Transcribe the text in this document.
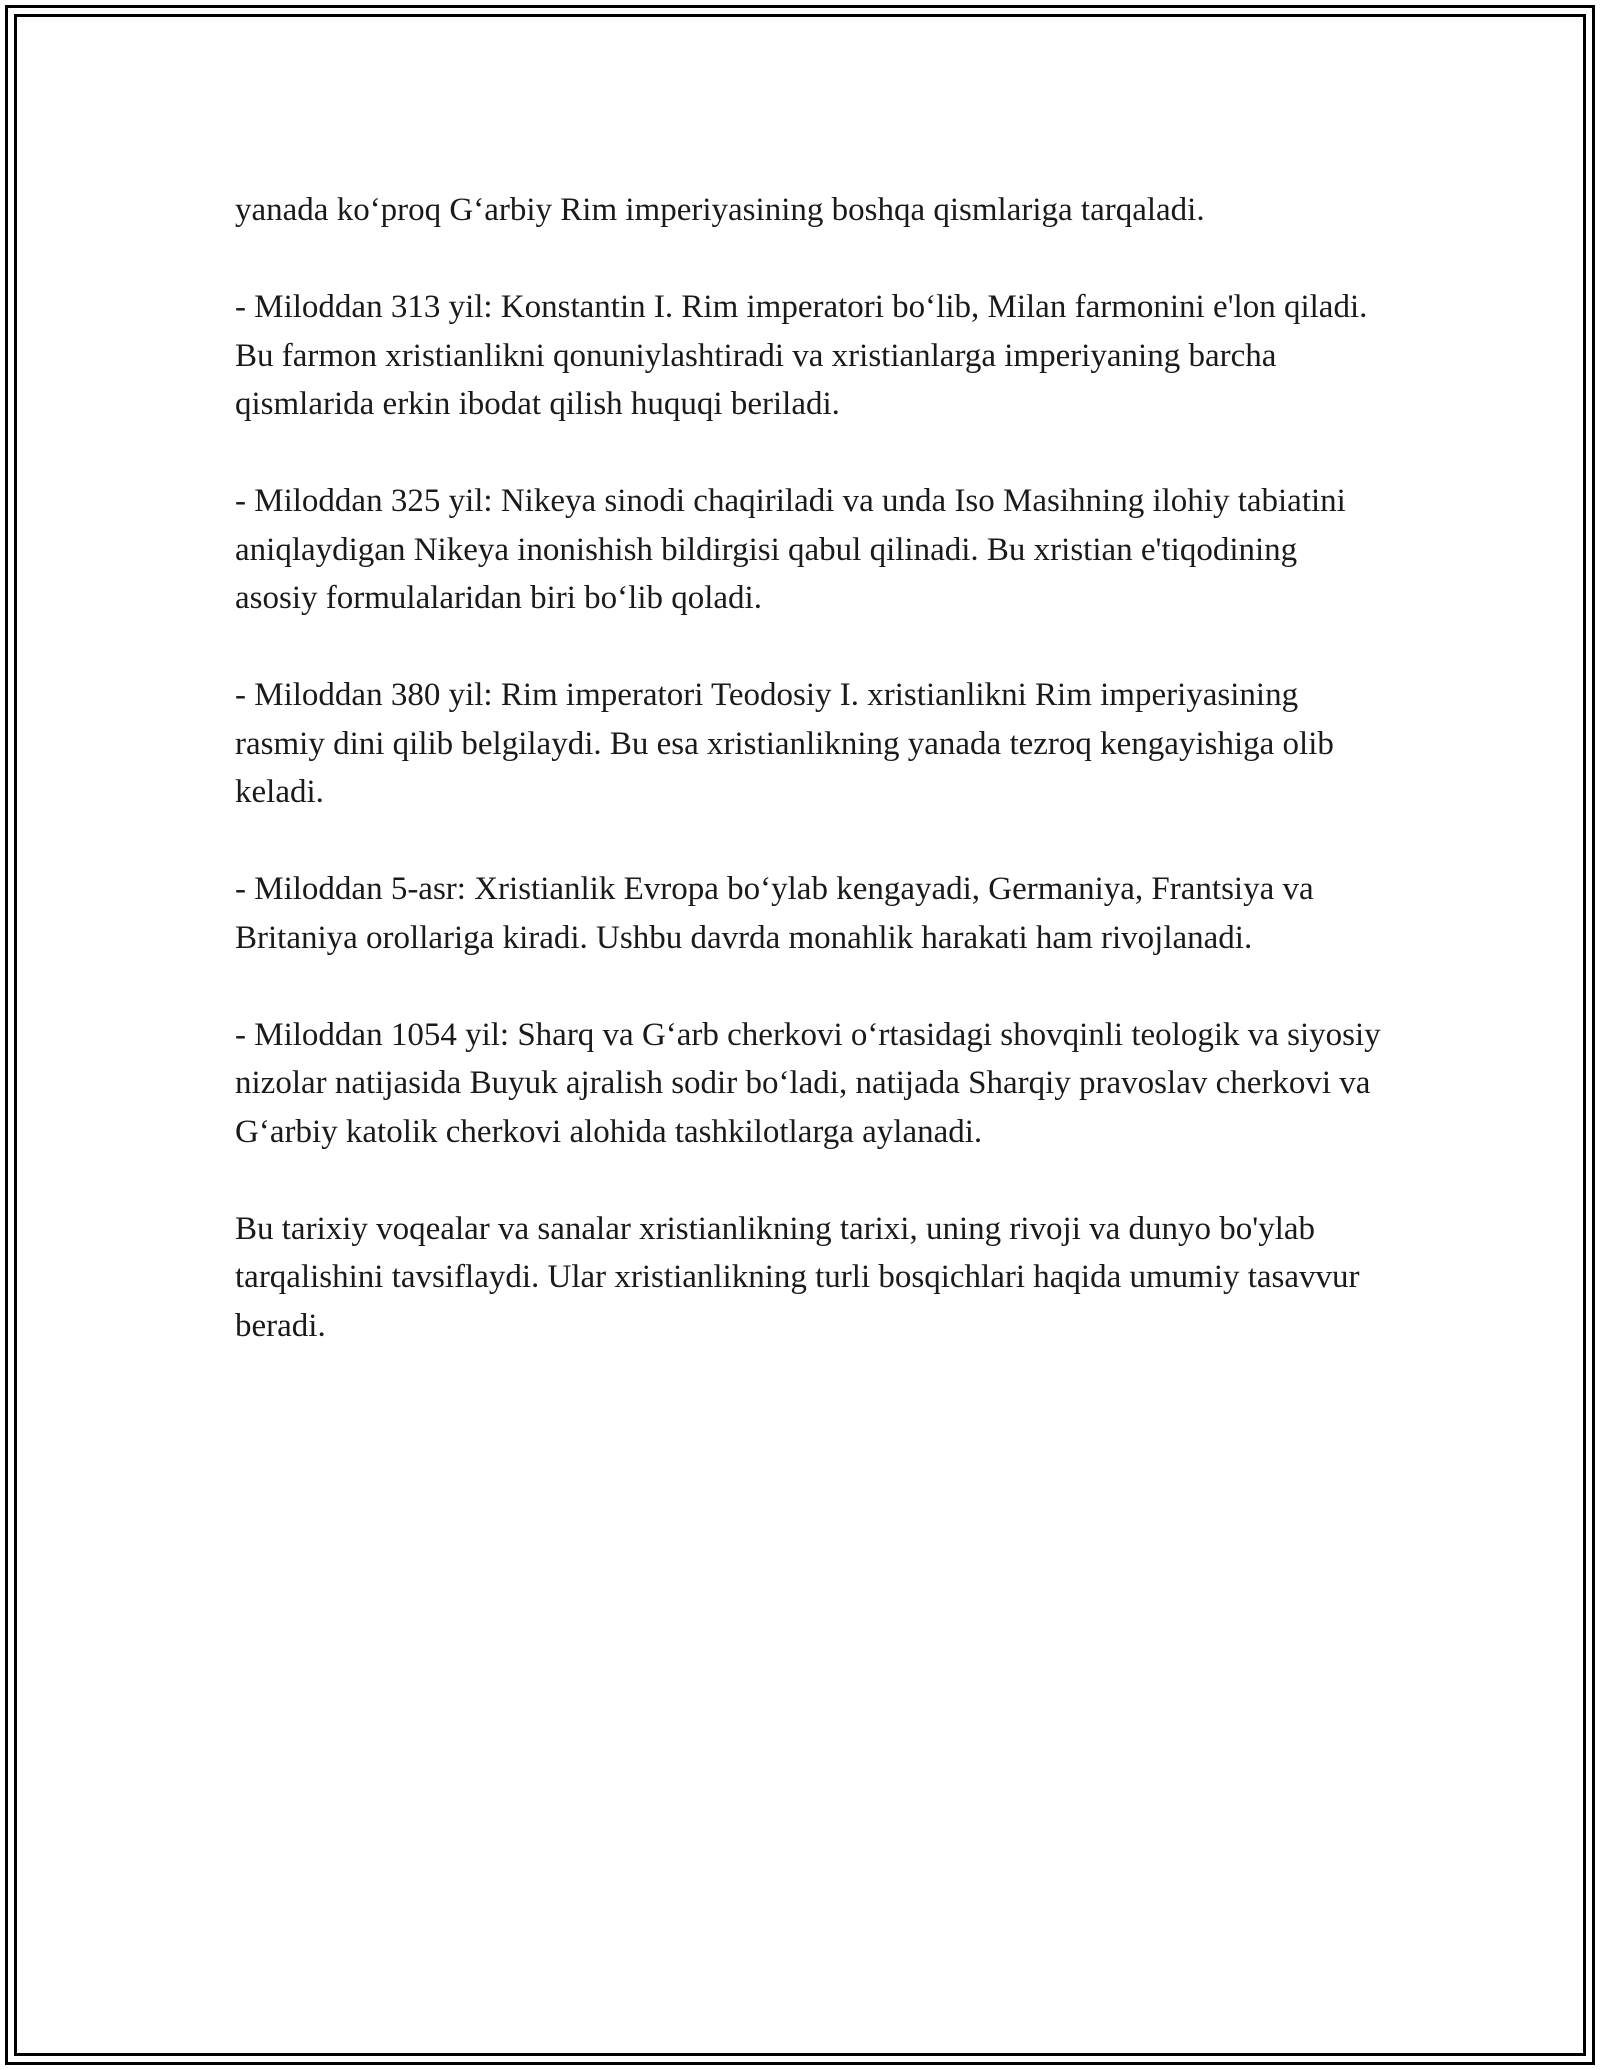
yanada ko‘proq G‘arbiy Rim imperiyasining boshqa qismlariga tarqaladi.

- Miloddan 313 yil: Konstantin I. Rim imperatori bo‘lib, Milan farmonini e'lon qiladi. Bu farmon xristianlikni qonuniylashtiradi va xristianlarga imperiyaning barcha qismlarida erkin ibodat qilish huquqi beriladi.

- Miloddan 325 yil: Nikeya sinodi chaqiriladi va unda Iso Masihning ilohiy tabiatini aniqlaydigan Nikeya inonishish bildirgisi qabul qilinadi. Bu xristian e'tiqodining asosiy formulalaridan biri bo‘lib qoladi.

- Miloddan 380 yil: Rim imperatori Teodosiy I. xristianlikni Rim imperiyasining rasmiy dini qilib belgilaydi. Bu esa xristianlikning yanada tezroq kengayishiga olib keladi.

- Miloddan 5-asr: Xristianlik Evropa bo‘ylab kengayadi, Germaniya, Frantsiya va Britaniya orollariga kiradi. Ushbu davrda monahlik harakati ham rivojlanadi.

- Miloddan 1054 yil: Sharq va G‘arb cherkovi o‘rtasidagi shovqinli teologik va siyosiy nizolar natijasida Buyuk ajralish sodir bo‘ladi, natijada Sharqiy pravoslav cherkovi va G‘arbiy katolik cherkovi alohida tashkilotlarga aylanadi.

Bu tarixiy voqealar va sanalar xristianlikning tarixi, uning rivoji va dunyo bo'ylab tarqalishini tavsiflaydi. Ular xristianlikning turli bosqichlari haqida umumiy tasavvur beradi.
